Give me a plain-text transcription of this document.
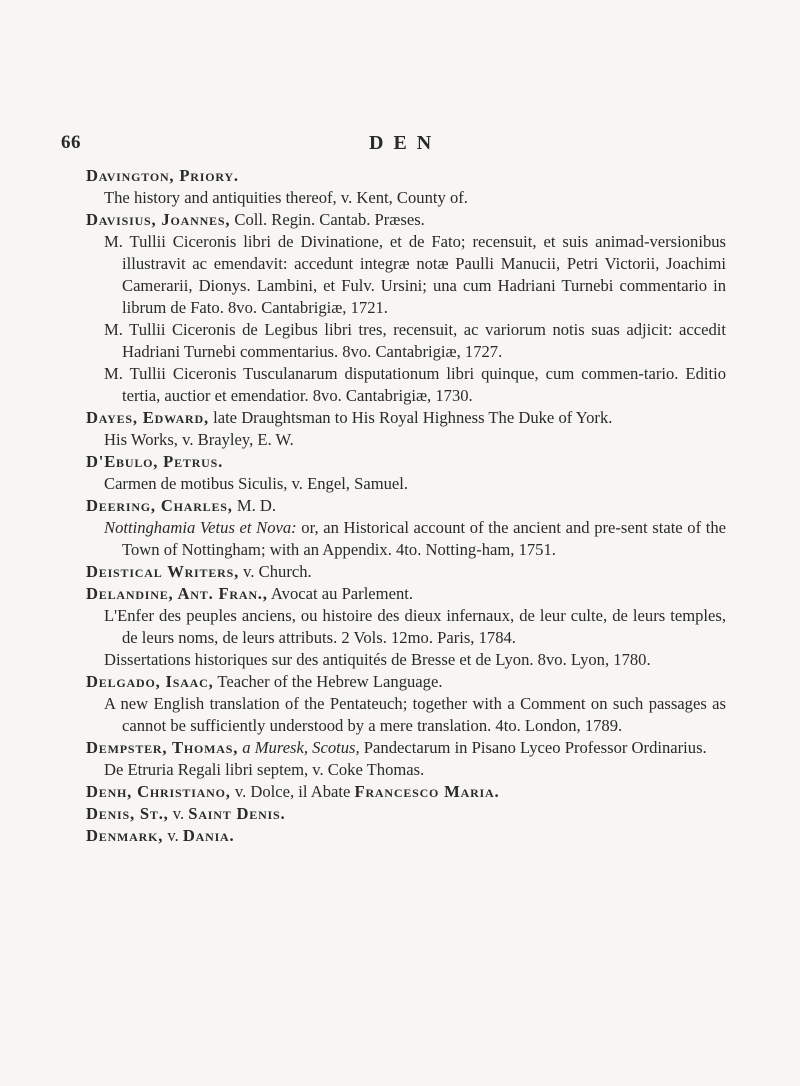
66	DEN
Davington, Priory.
The history and antiquities thereof, v. Kent, County of.
Davisius, Joannes, Coll. Regin. Cantab. Præses.
M. Tullii Ciceronis libri de Divinatione, et de Fato; recensuit, et suis animad-versionibus illustravit ac emendavit: accedunt integræ notæ Paulli Manucii, Petri Victorii, Joachimi Camerarii, Dionys. Lambini, et Fulv. Ursini; una cum Hadriani Turnebi commentario in librum de Fato. 8vo. Cantabrigiæ, 1721.
M. Tullii Ciceronis de Legibus libri tres, recensuit, ac variorum notis suas adjicit: accedit Hadriani Turnebi commentarius. 8vo. Cantabrigiæ, 1727.
M. Tullii Ciceronis Tusculanarum disputationum libri quinque, cum commen-tario. Editio tertia, auctior et emendatior. 8vo. Cantabrigiæ, 1730.
Dayes, Edward, late Draughtsman to His Royal Highness The Duke of York.
His Works, v. Brayley, E. W.
D'Ebulo, Petrus.
Carmen de motibus Siculis, v. Engel, Samuel.
Deering, Charles, M. D.
Nottinghamia Vetus et Nova: or, an Historical account of the ancient and pre-sent state of the Town of Nottingham; with an Appendix. 4to. Notting-ham, 1751.
Deistical Writers, v. Church.
Delandine, Ant. Fran., Avocat au Parlement.
L'Enfer des peuples anciens, ou histoire des dieux infernaux, de leur culte, de leurs temples, de leurs noms, de leurs attributs. 2 Vols. 12mo. Paris, 1784.
Dissertations historiques sur des antiquités de Bresse et de Lyon. 8vo. Lyon, 1780.
Delgado, Isaac, Teacher of the Hebrew Language.
A new English translation of the Pentateuch; together with a Comment on such passages as cannot be sufficiently understood by a mere translation. 4to. London, 1789.
Dempster, Thomas, a Muresk, Scotus, Pandectarum in Pisano Lyceo Professor Ordinarius.
De Etruria Regali libri septem, v. Coke Thomas.
Denh, Christiano, v. Dolce, il Abate Francesco Maria.
Denis, St., v. Saint Denis.
Denmark, v. Dania.
